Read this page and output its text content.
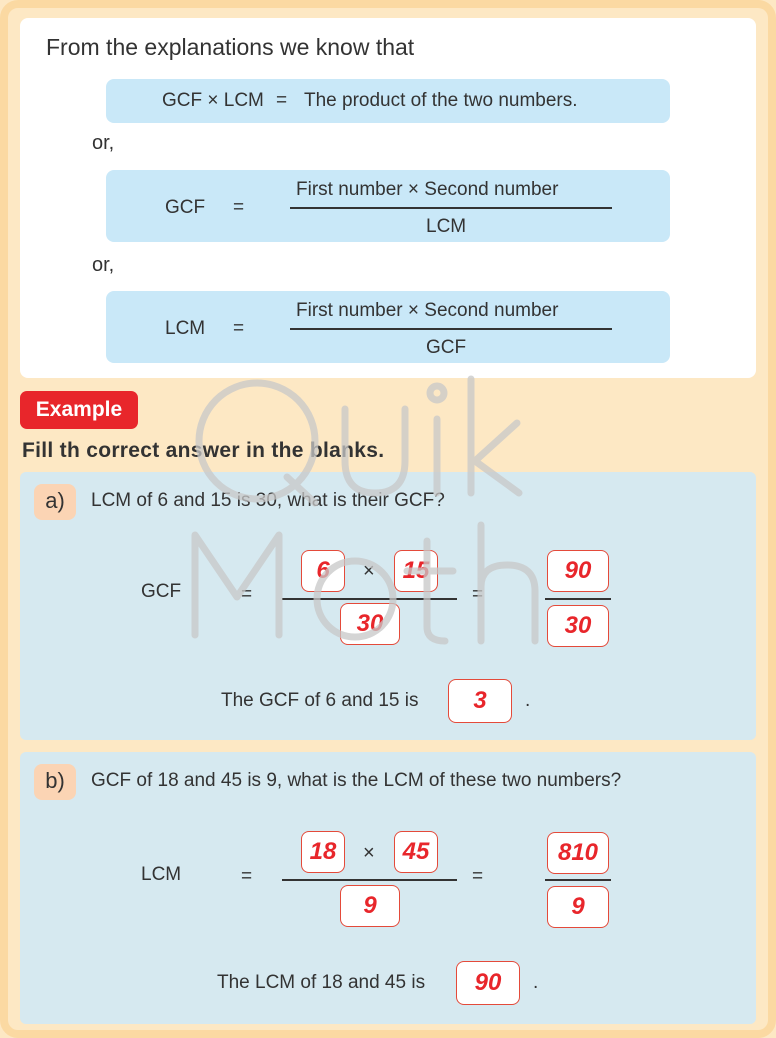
From the explanations we know that
GCF × LCM = The product of the two numbers.
or,
GCF =
First number × Second number
LCM
or,
LCM =
First number × Second number
GCF
Example
Fill th correct answer in the blanks.
a)	LCM of 6 and 15 is 30, what is their GCF?
GCF	=
6	×	15
30
=
90
30
The GCF of 6 and 15 is	3	.
b)	GCF of 18 and 45 is 9, what is the LCM of these two numbers?
LCM	=
18	×	45
9
=
810
9
The LCM of 18 and 45 is	90	.
